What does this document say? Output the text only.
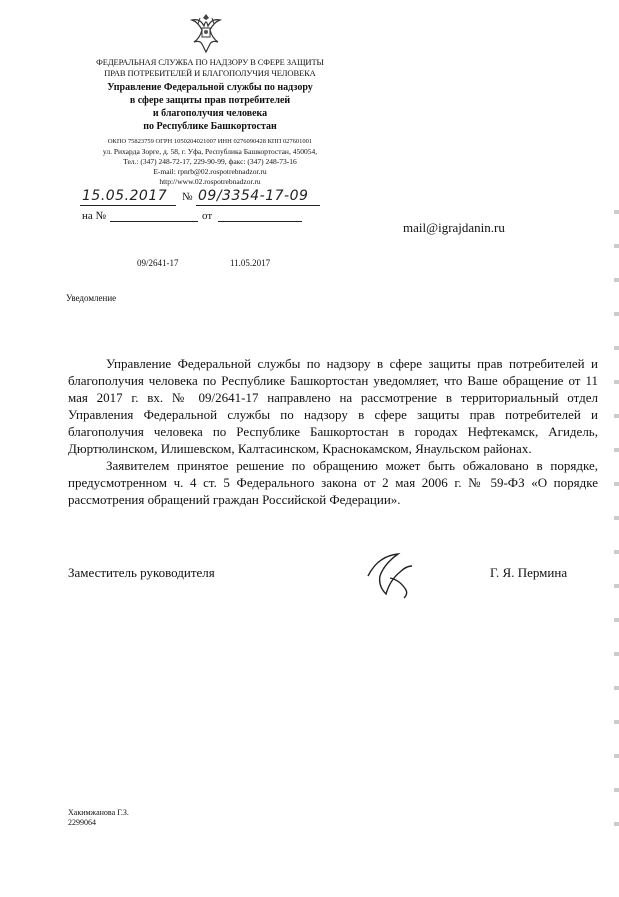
ФЕДЕРАЛЬНАЯ СЛУЖБА ПО НАДЗОРУ В СФЕРЕ ЗАЩИТЫ
ПРАВ ПОТРЕБИТЕЛЕЙ И БЛАГОПОЛУЧИЯ ЧЕЛОВЕКА
Управление Федеральной службы по надзору
в сфере защиты прав потребителей
и благополучия человека
по Республике Башкортостан
ОКПО 75823759 ОГРН 1050204021007 ИНН 0276090428 КПП 027601001
ул. Рихарда Зорге, д. 58, г. Уфа, Республика Башкортостан, 450054,
Тел.: (347) 248-72-17, 229-90-99, факс: (347) 248-73-16
E-mail: rpnrb@02.rospotrebnadzor.ru
http://www.02.rospotrebnadzor.ru
15.05.2017 № 09/3354-17-09
на №	от
mail@igrajdanin.ru
09/2641-17	11.05.2017
Уведомление

Управление Федеральной службы по надзору в сфере защиты прав потребителей и благополучия человека по Республике Башкортостан уведомляет, что Ваше обращение от 11 мая 2017 г. вх. № 09/2641-17 направлено на рассмотрение в территориальный отдел Управления Федеральной службы по надзору в сфере защиты прав потребителей и благополучия человека по Республике Башкортостан в городах Нефтекамск, Агидель, Дюртюлинском, Илишевском, Калтасинском, Краснокамском, Янаульском районах.

Заявителем принятое решение по обращению может быть обжаловано в порядке, предусмотренном ч. 4 ст. 5 Федерального закона от 2 мая 2006 г. № 59-ФЗ «О порядке рассмотрения обращений граждан Российской Федерации».

Заместитель руководителя	Г. Я. Пермина
Хакимжанова Г.З.
2299064
